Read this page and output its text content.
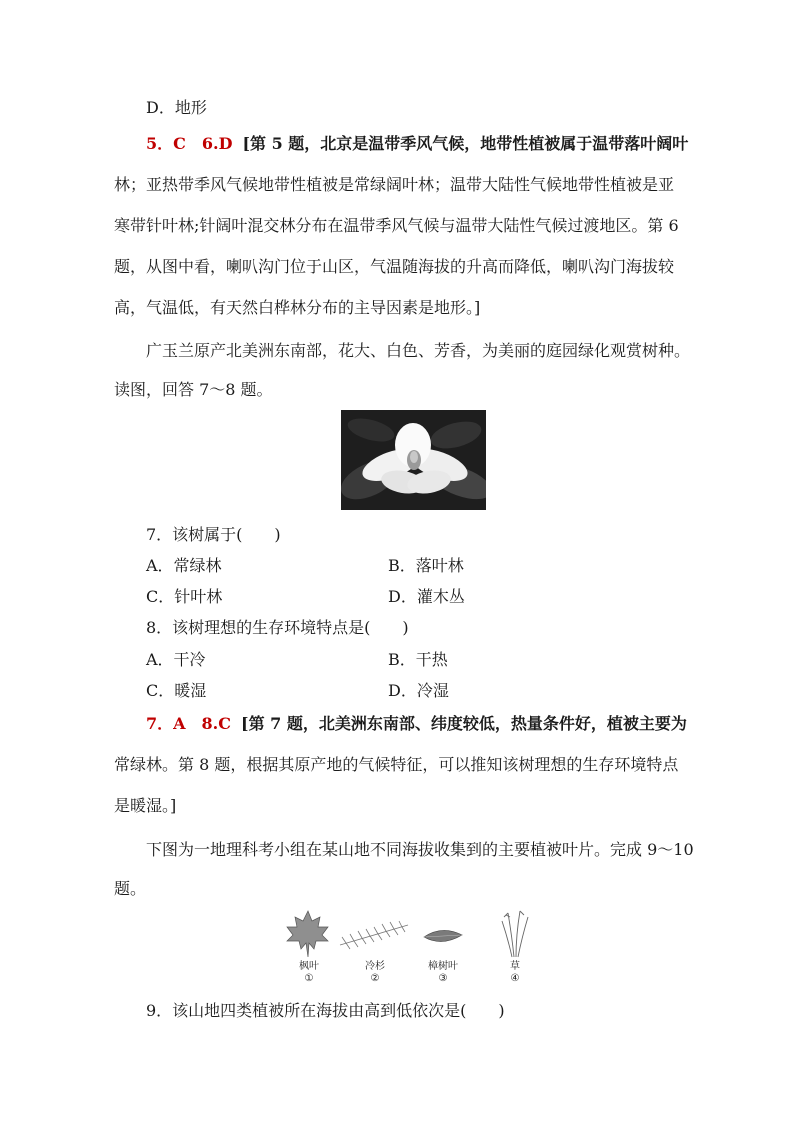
D．地形
5．C　6.D [第 5 题，北京是温带季风气候，地带性植被属于温带落叶阔叶
林；亚热带季风气候地带性植被是常绿阔叶林；温带大陆性气候地带性植被是亚
寒带针叶林;针阔叶混交林分布在温带季风气候与温带大陆性气候过渡地区。第 6
题，从图中看，喇叭沟门位于山区，气温随海拔的升高而降低，喇叭沟门海拔较
高，气温低，有天然白桦林分布的主导因素是地形。]
广玉兰原产北美洲东南部，花大、白色、芳香，为美丽的庭园绿化观赏树种。
读图，回答 7～8 题。
7．该树属于(　　)
A．常绿林	B．落叶林
C．针叶林	D．灌木丛
8．该树理想的生存环境特点是(　　)
A．干冷	B．干热
C．暖湿	D．冷湿
7．A　8.C [第 7 题，北美洲东南部、纬度较低，热量条件好，植被主要为
常绿林。第 8 题，根据其原产地的气候特征，可以推知该树理想的生存环境特点
是暖湿。]
下图为一地理科考小组在某山地不同海拔收集到的主要植被叶片。完成 9～10
题。
枫叶
①
冷杉
②
樟树叶
③
草
④
9．该山地四类植被所在海拔由高到低依次是(　　)
